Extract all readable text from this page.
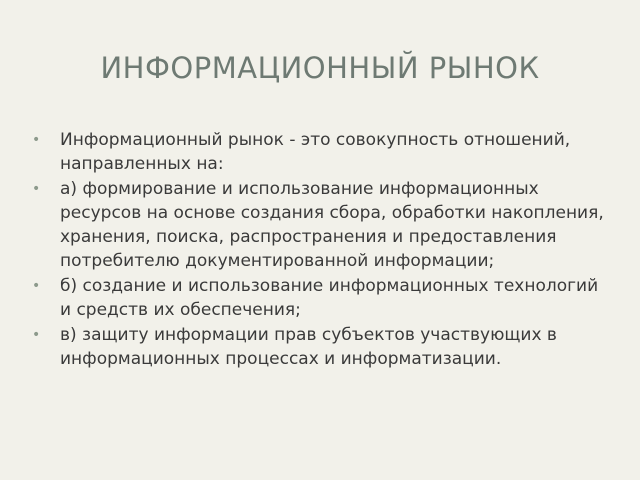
ИНФОРМАЦИОННЫЙ РЫНОК
• Информационный рынок - это совокупность отношений, направленных на:
• а) формирование и использование информационных ресурсов на основе создания сбора, обработки накопления, хранения, поиска, распространения и предоставления потребителю документированной информации;
• б) создание и использование информационных технологий и средств их обеспечения;
• в) защиту информации прав субъектов участвующих в информационных процессах и информатизации.
